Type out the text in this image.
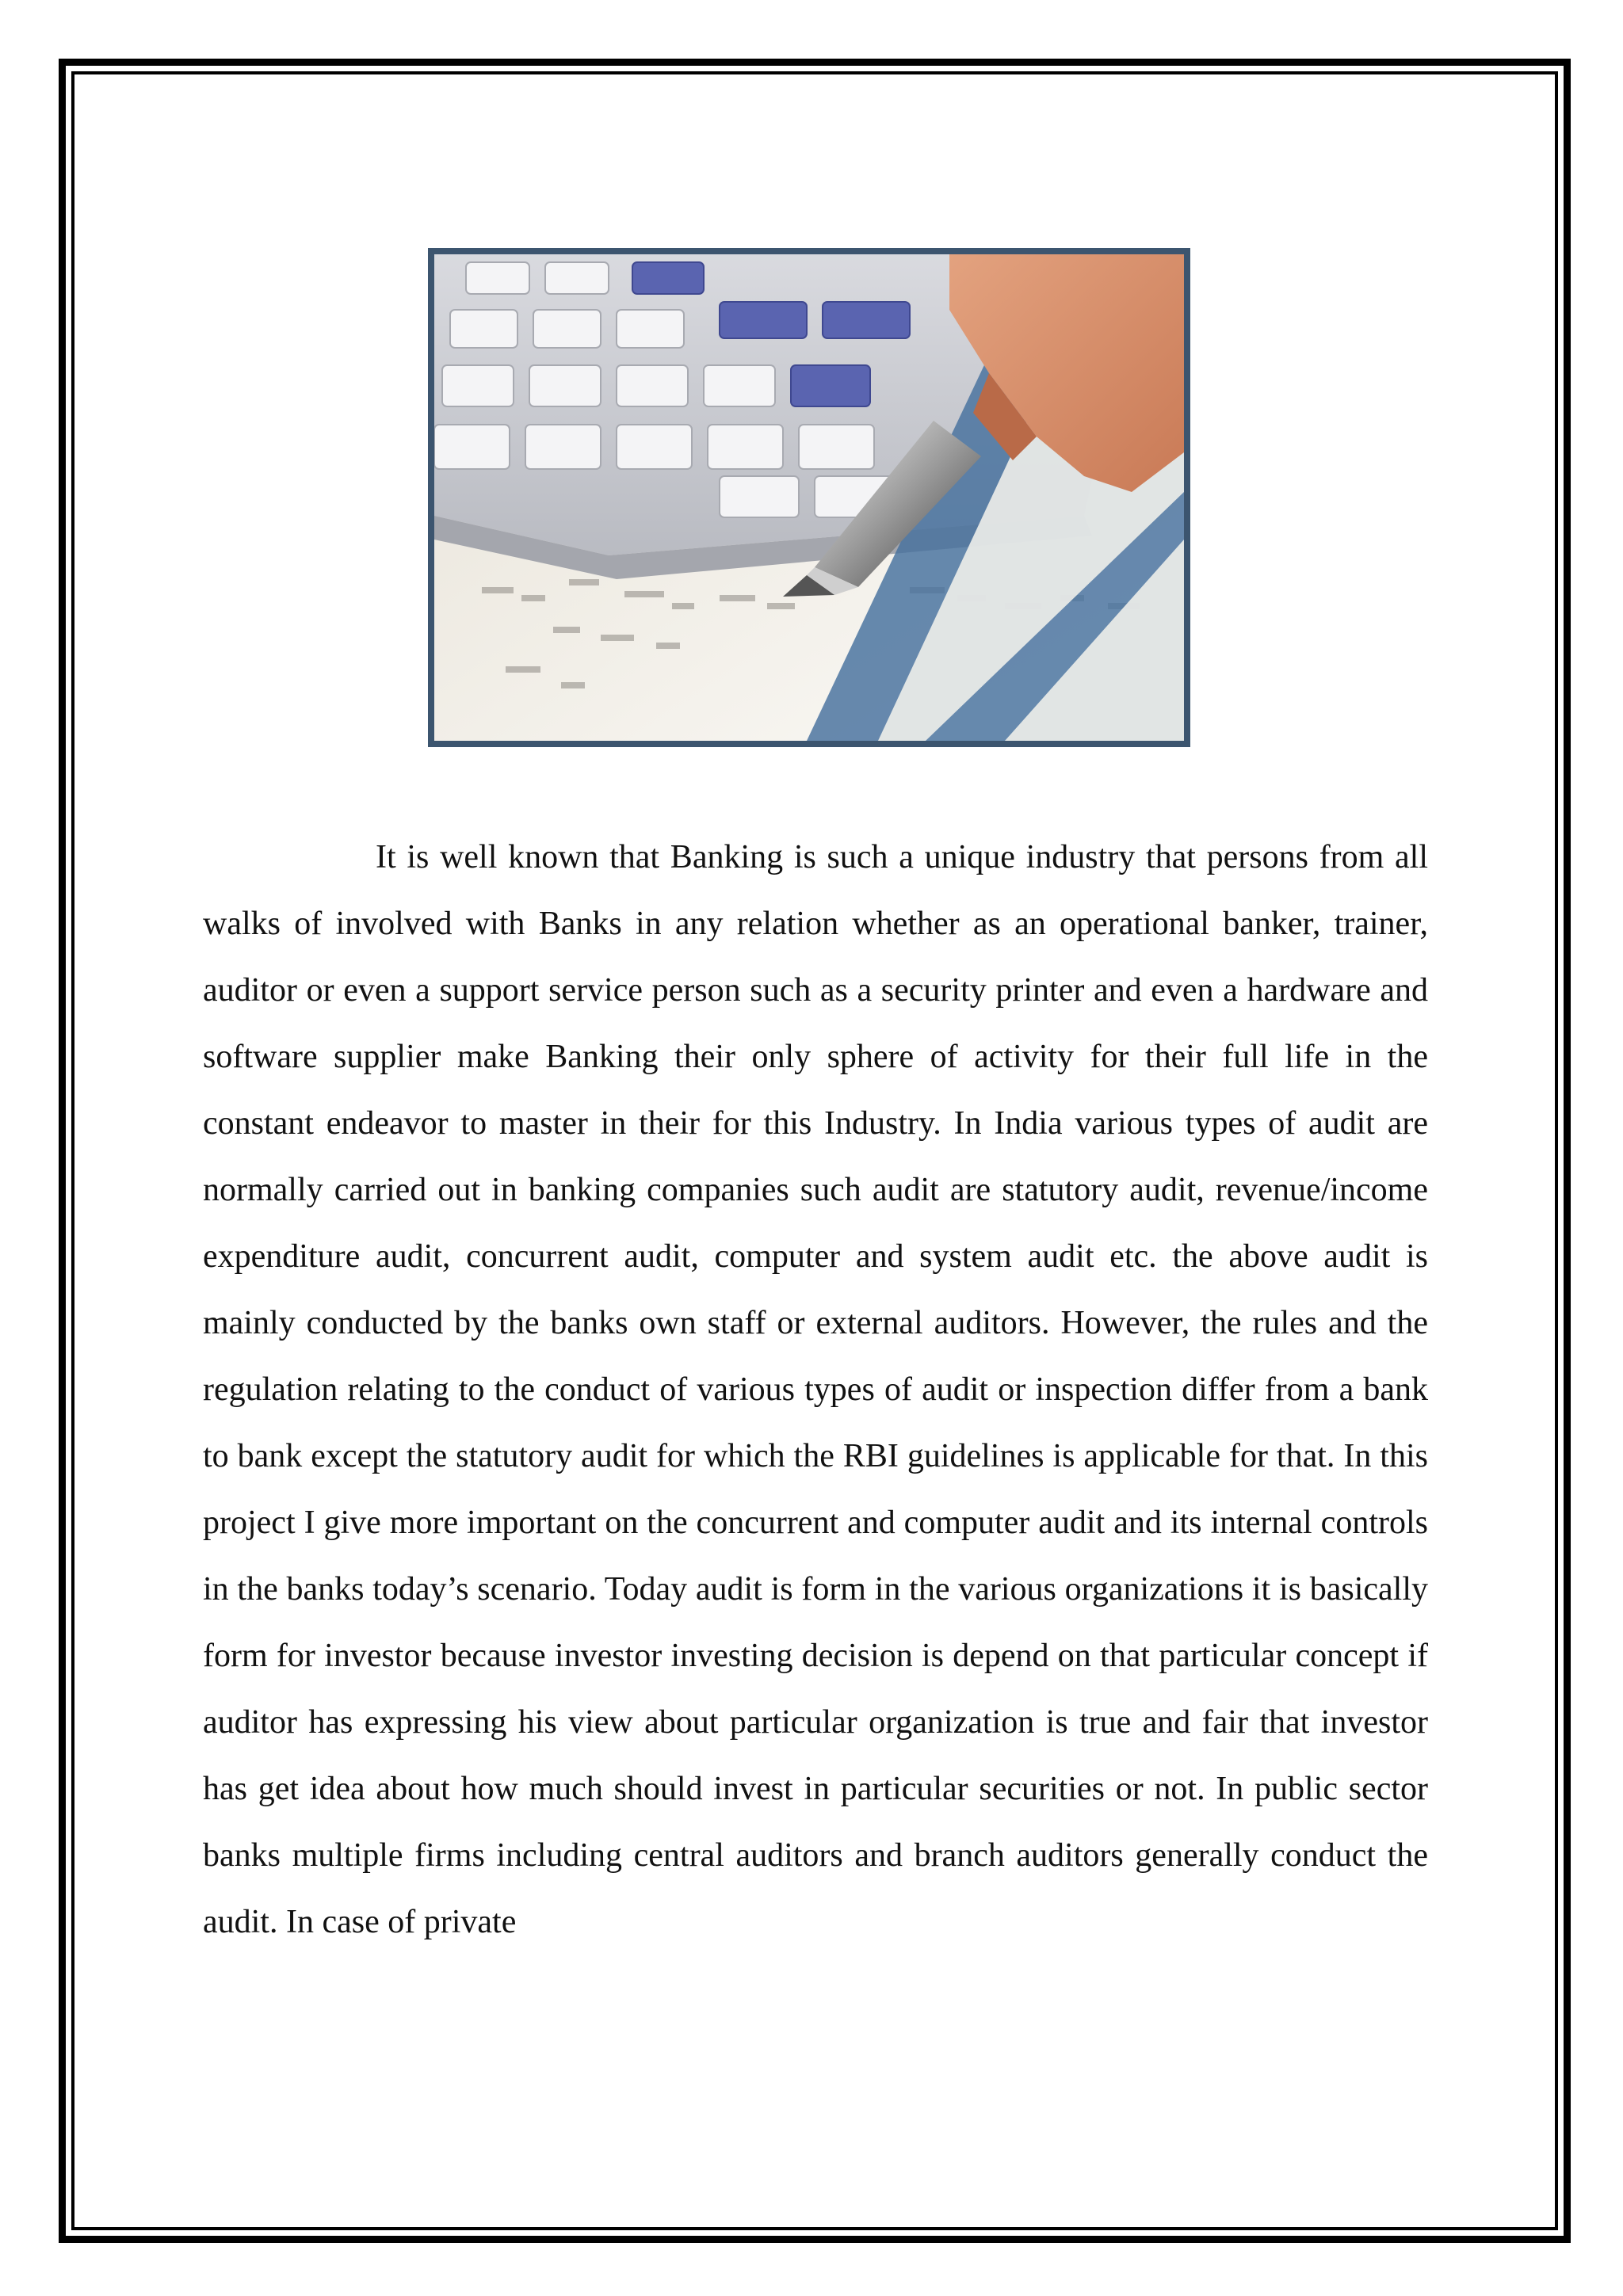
It is well known that Banking is such a unique industry that persons from all walks of involved with Banks in any relation whether as an operational banker, trainer, auditor or even a support service person such as a security printer and even a hardware and software supplier make Banking their only sphere of activity for their full life in the constant endeavor to master in their for this Industry. In India various types of audit are normally carried out in banking companies such audit are statutory audit, revenue/income expenditure audit, concurrent audit, computer and system audit etc. the above audit is mainly conducted by the banks own staff or external auditors. However, the rules and the regulation relating to the conduct of various types of audit or inspection differ from a bank to bank except the statutory audit for which the RBI guidelines is applicable for that. In this project I give more important on the concurrent and computer audit and its internal controls in the banks today’s scenario. Today audit is form in the various organizations it is basically form for investor because investor investing decision is depend on that particular concept if auditor has expressing his view about particular organization is true and fair that investor has get idea about how much should invest in particular securities or not. In public sector banks multiple firms including central auditors and branch auditors generally conduct the audit. In case of private
